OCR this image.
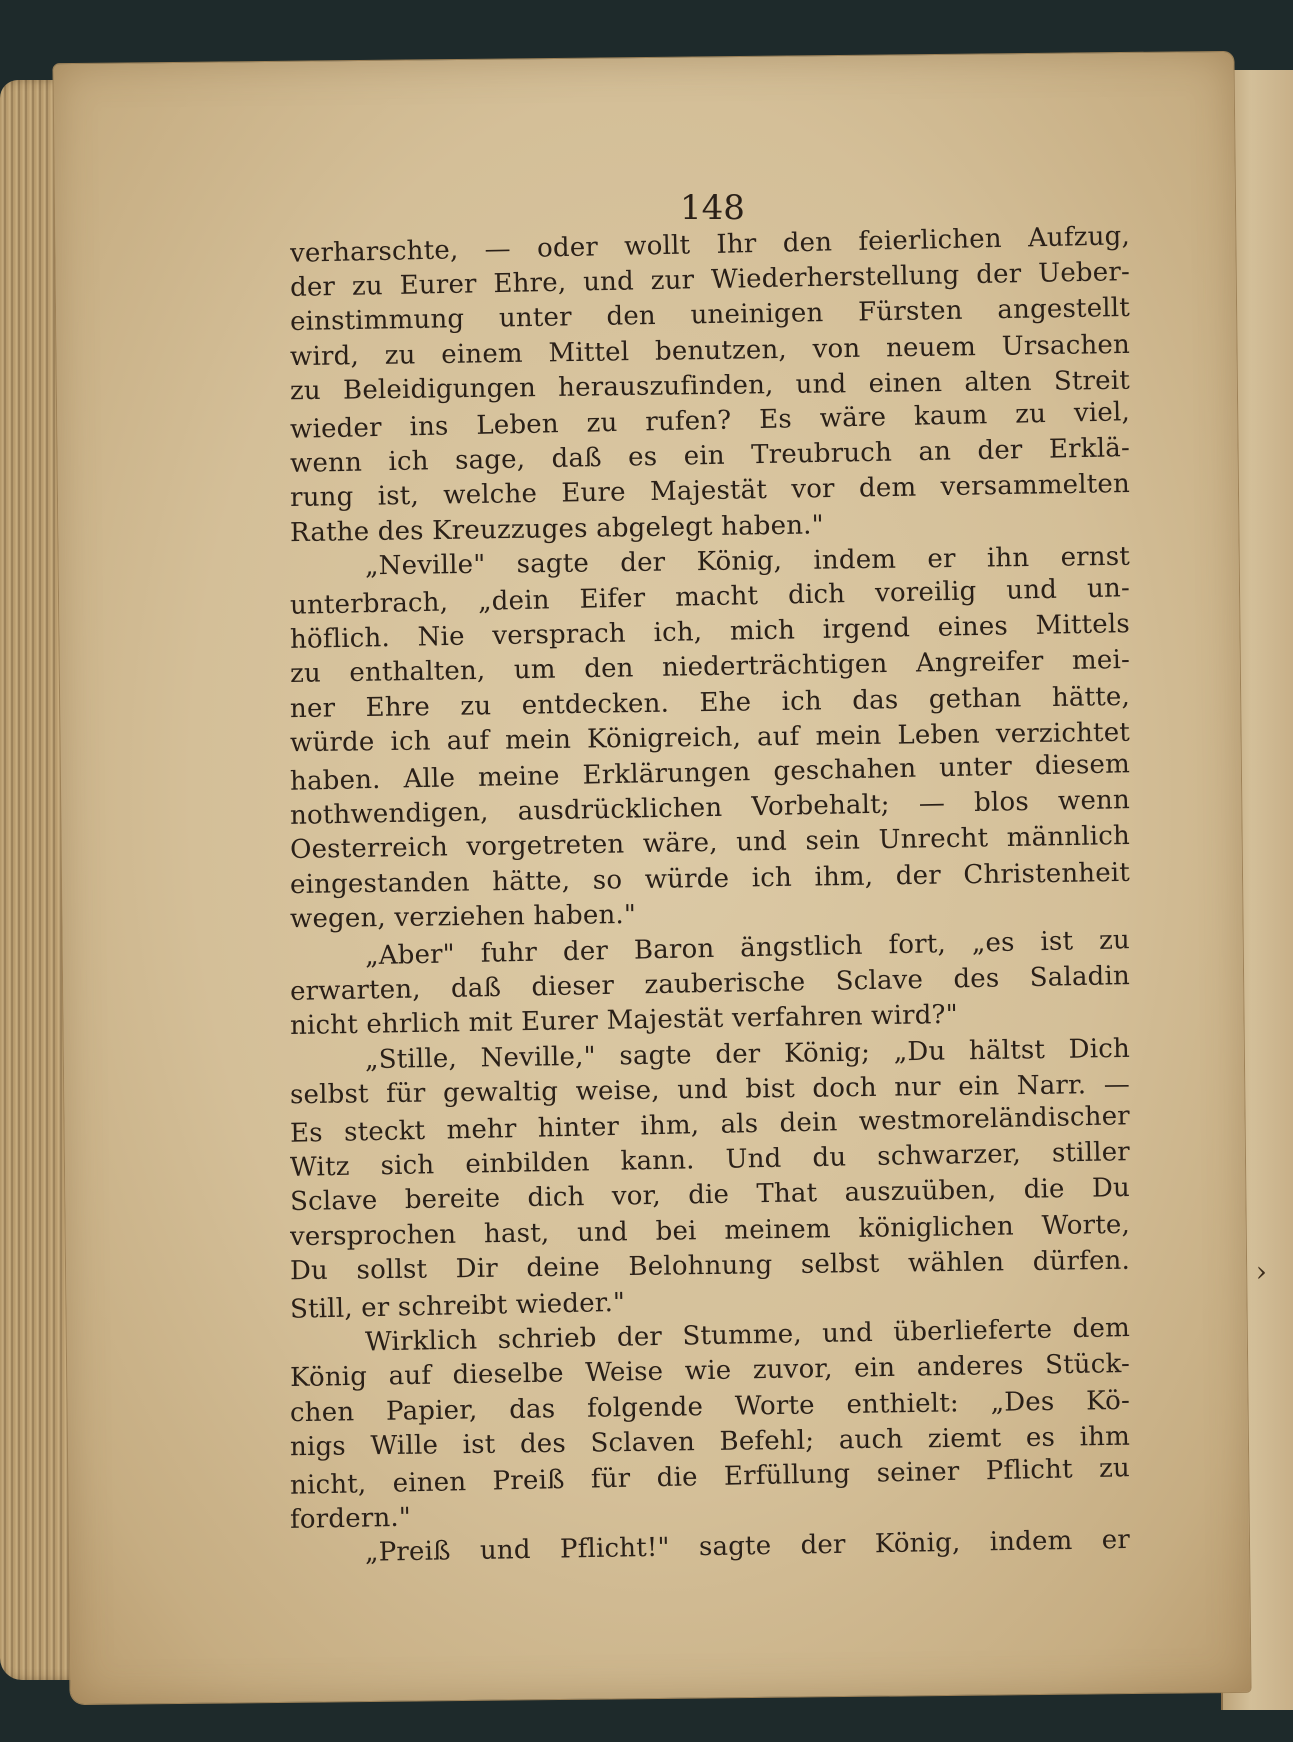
›
148
verharschte, — oder wollt Ihr den feierlichen Aufzug,
der zu Eurer Ehre, und zur Wiederherstellung der Ueber-
einstimmung unter den uneinigen Fürsten angestellt
wird, zu einem Mittel benutzen, von neuem Ursachen
zu Beleidigungen herauszufinden, und einen alten Streit
wieder ins Leben zu rufen? Es wäre kaum zu viel,
wenn ich sage, daß es ein Treubruch an der Erklä-
rung ist, welche Eure Majestät vor dem versammelten
Rathe des Kreuzzuges abgelegt haben."
„Neville" sagte der König, indem er ihn ernst
unterbrach, „dein Eifer macht dich voreilig und un-
höflich. Nie versprach ich, mich irgend eines Mittels
zu enthalten, um den niederträchtigen Angreifer mei-
ner Ehre zu entdecken. Ehe ich das gethan hätte,
würde ich auf mein Königreich, auf mein Leben verzichtet
haben. Alle meine Erklärungen geschahen unter diesem
nothwendigen, ausdrücklichen Vorbehalt; — blos wenn
Oesterreich vorgetreten wäre, und sein Unrecht männlich
eingestanden hätte, so würde ich ihm, der Christenheit
wegen, verziehen haben."
„Aber" fuhr der Baron ängstlich fort, „es ist zu
erwarten, daß dieser zauberische Sclave des Saladin
nicht ehrlich mit Eurer Majestät verfahren wird?"
„Stille, Neville," sagte der König; „Du hältst Dich
selbst für gewaltig weise, und bist doch nur ein Narr. —
Es steckt mehr hinter ihm, als dein westmoreländischer
Witz sich einbilden kann. Und du schwarzer, stiller
Sclave bereite dich vor, die That auszuüben, die Du
versprochen hast, und bei meinem königlichen Worte,
Du sollst Dir deine Belohnung selbst wählen dürfen.
Still, er schreibt wieder."
Wirklich schrieb der Stumme, und überlieferte dem
König auf dieselbe Weise wie zuvor, ein anderes Stück-
chen Papier, das folgende Worte enthielt: „Des Kö-
nigs Wille ist des Sclaven Befehl; auch ziemt es ihm
nicht, einen Preiß für die Erfüllung seiner Pflicht zu
fordern."
„Preiß und Pflicht!" sagte der König, indem er
